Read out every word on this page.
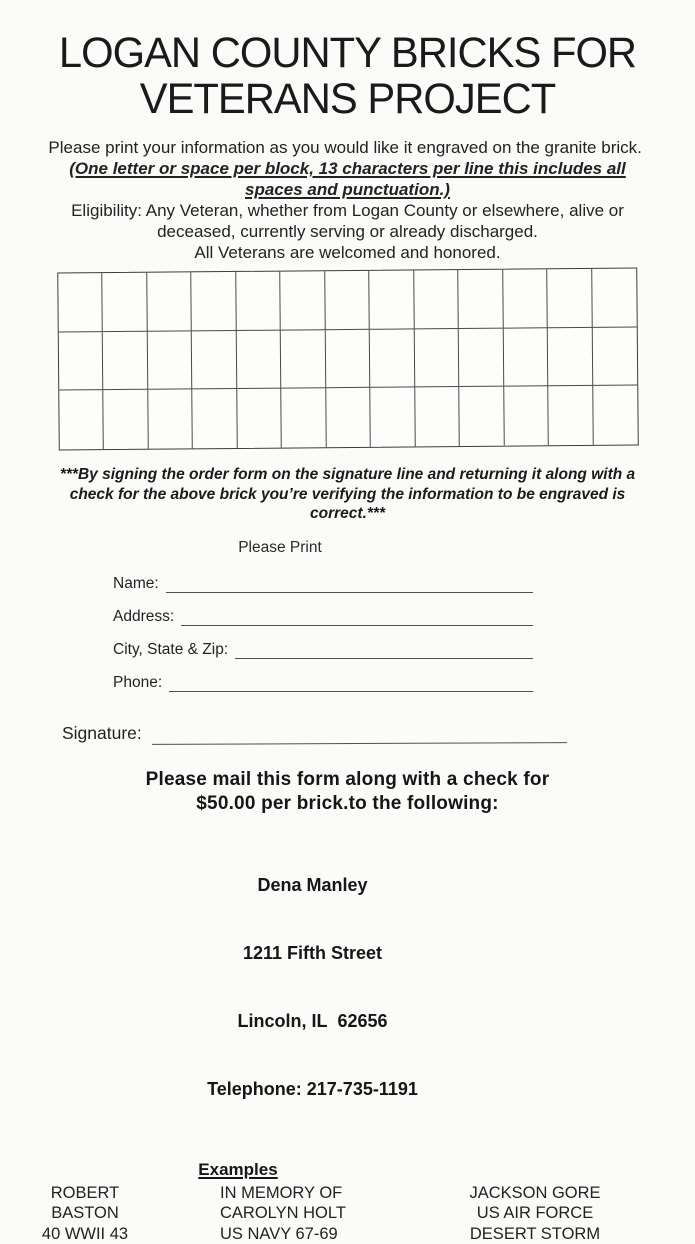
LOGAN COUNTY BRICKS FOR
VETERANS PROJECT

Please print your information as you would like it engraved on the granite brick.  (One letter or space per block, 13 characters per line this includes all spaces and punctuation.)

Eligibility: Any Veteran, whether from Logan County or elsewhere, alive or deceased, currently serving or already discharged.
All Veterans are welcomed and honored.
***By signing the order form on the signature line and returning it along with a check for the above brick you’re verifying the information to be engraved is correct.***
Please Print
Name:
Address:
City, State & Zip:
Phone:
Signature:
Please mail this form along with a check for
$50.00 per brick.to the following:

Dena Manley

1211 Fifth Street

Lincoln, IL  62656

Telephone: 217-735-1191

Examples
ROBERT
BASTON
40 WWII 43
IN MEMORY OF
CAROLYN HOLT
US NAVY 67-69
JACKSON GORE
US AIR FORCE
DESERT STORM
